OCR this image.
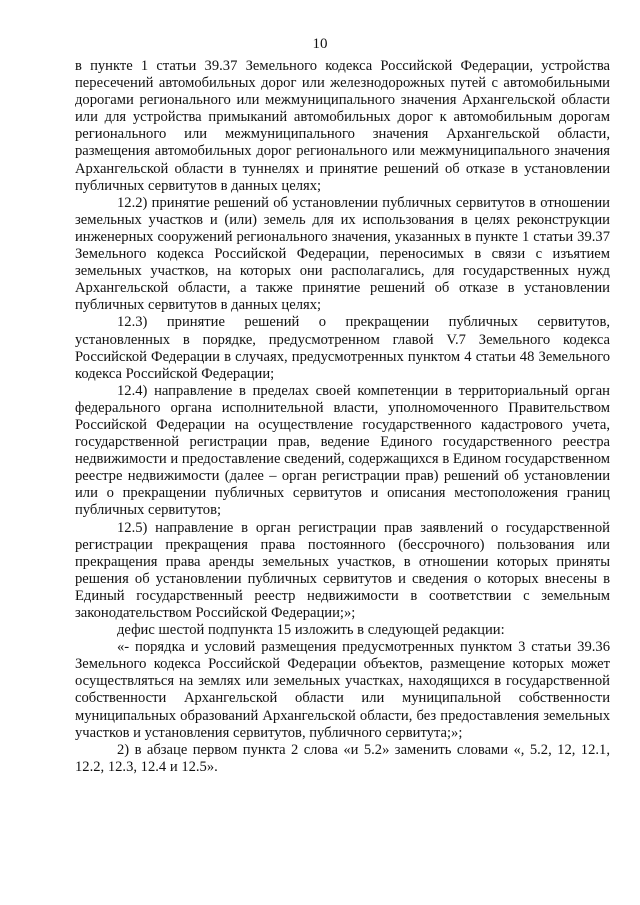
10

в пункте 1 статьи 39.37 Земельного кодекса Российской Федерации, устройства пересечений автомобильных дорог или железнодорожных путей с автомобильными дорогами регионального или межмуниципального значения Архангельской области или для устройства примыканий автомобильных дорог к автомобильным дорогам регионального или межмуниципального значения Архангельской области, размещения автомобильных дорог регионального или межмуниципального значения Архангельской области в туннелях и принятие решений об отказе в установлении публичных сервитутов в данных целях;

12.2) принятие решений об установлении публичных сервитутов в отношении земельных участков и (или) земель для их использования в целях реконструкции инженерных сооружений регионального значения, указанных в пункте 1 статьи 39.37 Земельного кодекса Российской Федерации, переносимых в связи с изъятием земельных участков, на которых они располагались, для государственных нужд Архангельской области, а также принятие решений об отказе в установлении публичных сервитутов в данных целях;

12.3) принятие решений о прекращении публичных сервитутов, установленных в порядке, предусмотренном главой V.7 Земельного кодекса Российской Федерации в случаях, предусмотренных пунктом 4 статьи 48 Земельного кодекса Российской Федерации;

12.4) направление в пределах своей компетенции в территориальный орган федерального органа исполнительной власти, уполномоченного Правительством Российской Федерации на осуществление государственного кадастрового учета, государственной регистрации прав, ведение Единого государственного реестра недвижимости и предоставление сведений, содержащихся в Едином государственном реестре недвижимости (далее – орган регистрации прав) решений об установлении или о прекращении публичных сервитутов и описания местоположения границ публичных сервитутов;

12.5) направление в орган регистрации прав заявлений о государственной регистрации прекращения права постоянного (бессрочного) пользования или прекращения права аренды земельных участков, в отношении которых приняты решения об установлении публичных сервитутов и сведения о которых внесены в Единый государственный реестр недвижимости в соответствии с земельным законодательством Российской Федерации;»;

дефис шестой подпункта 15 изложить в следующей редакции:

«- порядка и условий размещения предусмотренных пунктом 3 статьи 39.36 Земельного кодекса Российской Федерации объектов, размещение которых может осуществляться на землях или земельных участках, находящихся в государственной собственности Архангельской области или муниципальной собственности муниципальных образований Архангельской области, без предоставления земельных участков и установления сервитутов, публичного сервитута;»;

2) в абзаце первом пункта 2 слова «и 5.2» заменить словами «, 5.2, 12, 12.1, 12.2, 12.3, 12.4 и 12.5».
